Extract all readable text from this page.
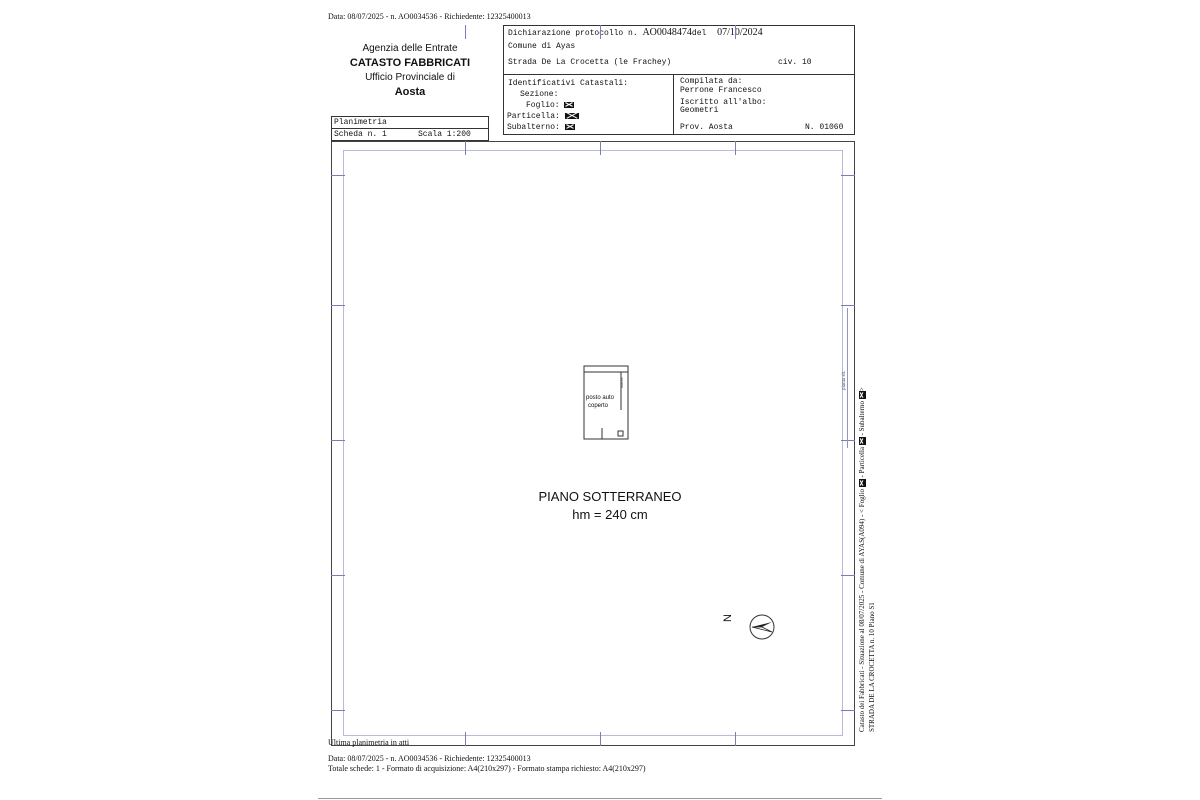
Data: 08/07/2025 - n. AO0034536 - Richiedente: 12325400013
Agenzia delle Entrate
CATASTO FABBRICATI
Ufficio Provinciale di
Aosta
Planimetria
Scheda n. 1	Scala 1:200
Dichiarazione protocollo n. AO0048474del 07/10/2024
Comune di Ayas
Strada De La Crocetta (le Frachey)	civ. 10
Identificativi Catastali:
Sezione:
Foglio:
Particella:
Subalterno:
Compilata da:
Perrone Francesco
Iscritto all'albo:
Geometri
Prov. Aosta	N. 01060
pianta sit.
sbocco
posto auto
coperto
PIANO SOTTERRANEO
hm = 240 cm
N	Catasto dei Fabbricati - Situazione al 08/07/2025 - Comune di AYAS(A094) - < Foglio  - Particella  - Subalterno >
STRADA DE LA CROCETTA n. 10 Piano S1
Ultima planimetria in atti
Data: 08/07/2025 - n. AO0034536 - Richiedente: 12325400013
Totale schede: 1 - Formato di acquisizione: A4(210x297) - Formato stampa richiesto: A4(210x297)
